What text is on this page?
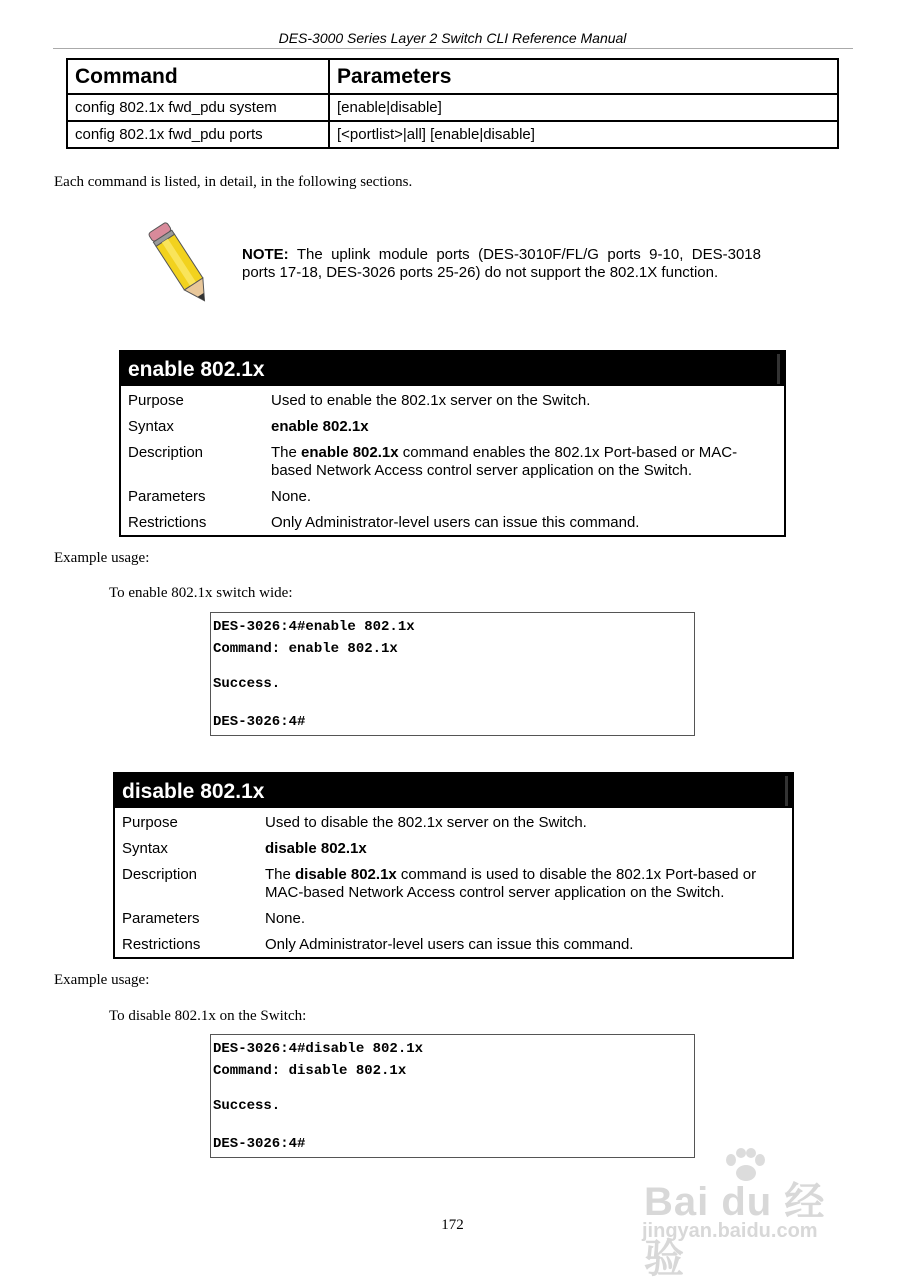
DES-3000 Series Layer 2 Switch CLI Reference Manual
Command	Parameters
config 802.1x fwd_pdu system	[enable|disable]
config 802.1x fwd_pdu ports	[<portlist>|all] [enable|disable]
Each command is listed, in detail, in the following sections.
NOTE: The uplink module ports (DES-3010F/FL/G ports 9-10, DES-3018 ports 17-18, DES-3026 ports 25-26) do not support the 802.1X function.
enable 802.1x
Purpose	Used to enable the 802.1x server on the Switch.
Syntax	enable 802.1x
Description	The enable 802.1x command enables the 802.1x Port-based or MAC-based Network Access control server application on the Switch.
Parameters	None.
Restrictions	Only Administrator-level users can issue this command.
Example usage:
To enable 802.1x switch wide:
DES-3026:4#enable 802.1x
Command: enable 802.1x
Success.
DES-3026:4#
disable 802.1x
Purpose	Used to disable the 802.1x server on the Switch.
Syntax	disable 802.1x
Description	The disable 802.1x command is used to disable the 802.1x Port-based or MAC-based Network Access control server application on the Switch.
Parameters	None.
Restrictions	Only Administrator-level users can issue this command.
Example usage:
To disable 802.1x on the Switch:
DES-3026:4#disable 802.1x
Command: disable 802.1x
Success.
DES-3026:4#
Bai du 经验
jingyan.baidu.com
172
